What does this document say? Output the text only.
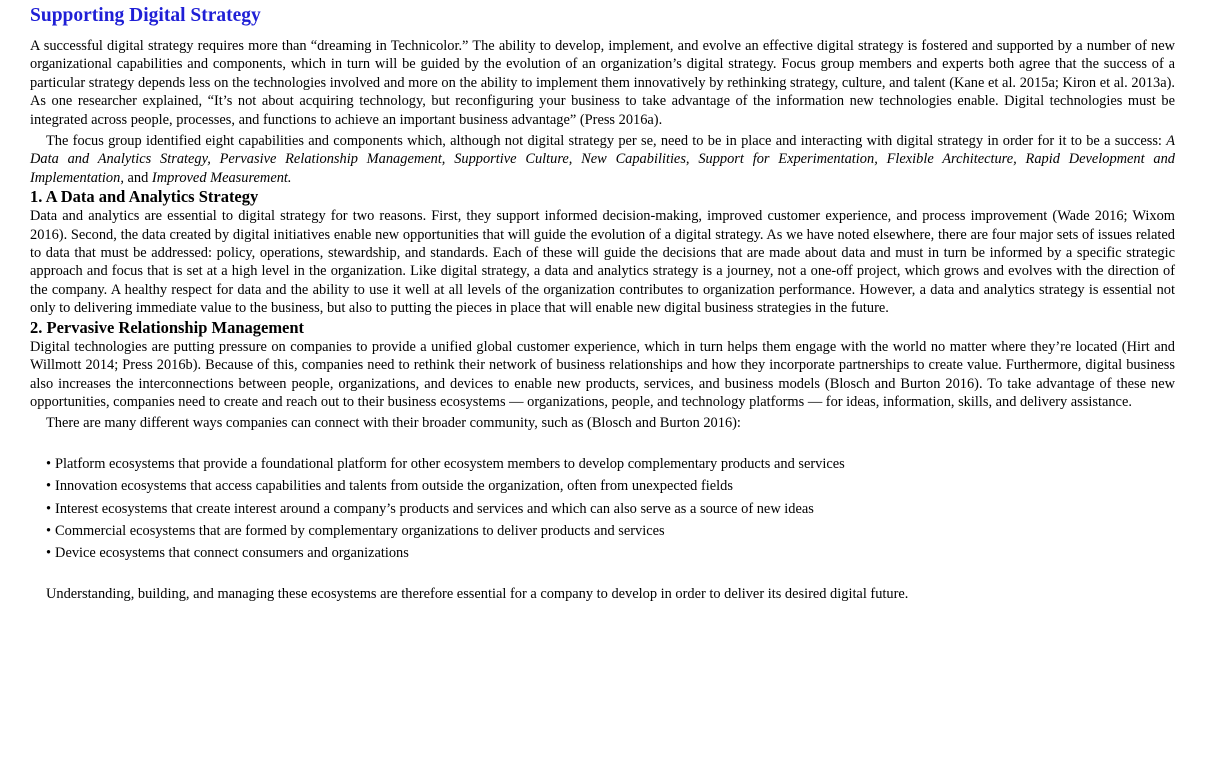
Supporting Digital Strategy

A successful digital strategy requires more than “dreaming in Technicolor.” The ability to develop, implement, and evolve an effective digital strategy is fostered and supported by a number of new organizational capabilities and components, which in turn will be guided by the evolution of an organization’s digital strategy. Focus group members and experts both agree that the success of a particular strategy depends less on the technologies involved and more on the ability to implement them innovatively by rethinking strategy, culture, and talent (Kane et al. 2015a; Kiron et al. 2013a). As one researcher explained, “It’s not about acquiring technology, but reconfiguring your business to take advantage of the information new technologies enable. Digital technologies must be integrated across people, processes, and functions to achieve an important business advantage” (Press 2016a).

The focus group identified eight capabilities and components which, although not digital strategy per se, need to be in place and interacting with digital strategy in order for it to be a success: A Data and Analytics Strategy, Pervasive Relationship Management, Supportive Culture, New Capabilities, Support for Experimentation, Flexible Architecture, Rapid Development and Implementation, and Improved Measurement.

1. A Data and Analytics Strategy

Data and analytics are essential to digital strategy for two reasons. First, they support informed decision-making, improved customer experience, and process improvement (Wade 2016; Wixom 2016). Second, the data created by digital initiatives enable new opportunities that will guide the evolution of a digital strategy. As we have noted elsewhere, there are four major sets of issues related to data that must be addressed: policy, operations, stewardship, and standards. Each of these will guide the decisions that are made about data and must in turn be informed by a specific strategic approach and focus that is set at a high level in the organization. Like digital strategy, a data and analytics strategy is a journey, not a one-off project, which grows and evolves with the direction of the company. A healthy respect for data and the ability to use it well at all levels of the organization contributes to organization performance. However, a data and analytics strategy is essential not only to delivering immediate value to the business, but also to putting the pieces in place that will enable new digital business strategies in the future.

2. Pervasive Relationship Management

Digital technologies are putting pressure on companies to provide a unified global customer experience, which in turn helps them engage with the world no matter where they’re located (Hirt and Willmott 2014; Press 2016b). Because of this, companies need to rethink their network of business relationships and how they incorporate partnerships to create value. Furthermore, digital business also increases the interconnections between people, organizations, and devices to enable new products, services, and business models (Blosch and Burton 2016). To take advantage of these new opportunities, companies need to create and reach out to their business ecosystems — organizations, people, and technology platforms — for ideas, information, skills, and delivery assistance.

There are many different ways companies can connect with their broader community, such as (Blosch and Burton 2016):

• Platform ecosystems that provide a foundational platform for other ecosystem members to develop complementary products and services
• Innovation ecosystems that access capabilities and talents from outside the organization, often from unexpected fields
• Interest ecosystems that create interest around a company’s products and services and which can also serve as a source of new ideas
• Commercial ecosystems that are formed by complementary organizations to deliver products and services
• Device ecosystems that connect consumers and organizations

Understanding, building, and managing these ecosystems are therefore essential for a company to develop in order to deliver its desired digital future.
